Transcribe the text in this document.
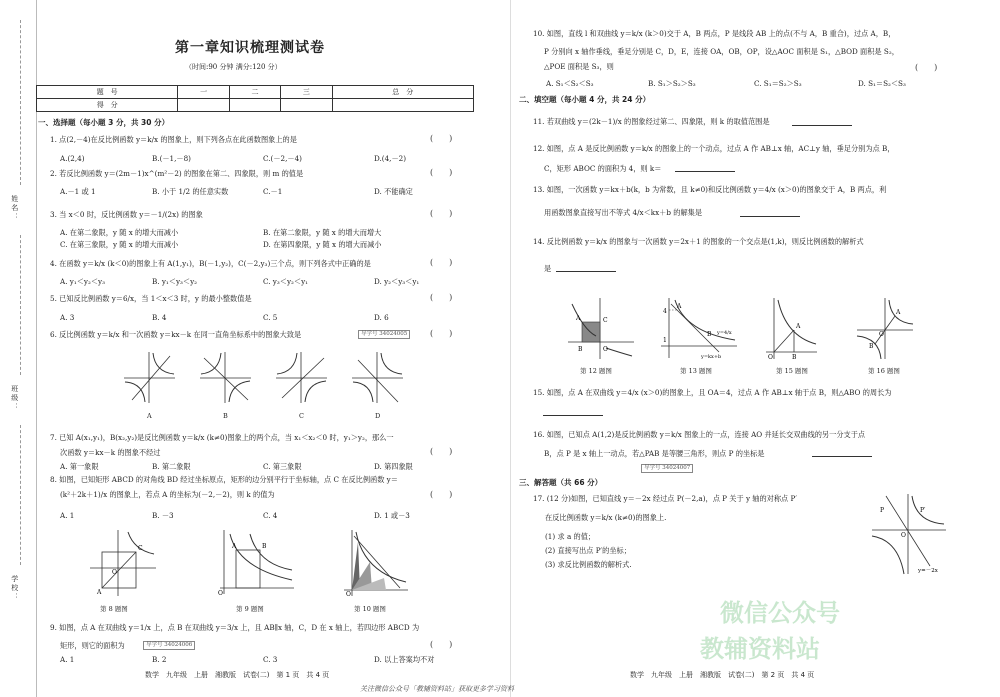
姓名：
班级：
学校：
第一章知识梳理测试卷
（时间:90 分钟 满分:120 分）
题　号	一	二	三	总　分
得　分				
一、选择题（每小题 3 分，共 30 分）
1. 点(2,－4)在反比例函数 y＝k/x 的图象上，则下列各点在此函数图象上的是	(　　)
A.(2,4)	B.(－1,－8)	C.(－2,－4)	D.(4,－2)
2. 若反比例函数 y＝(2m－1)x^(m²－2) 的图象在第二、四象限，则 m 的值是	(　　)
A.－1 或 1	B. 小于 1/2 的任意实数	C.－1	D. 不能确定
3. 当 x＜0 时，反比例函数 y＝－1/(2x) 的图象	(　　)
A. 在第二象限，y 随 x 的增大而减小	B. 在第二象限，y 随 x 的增大而增大
C. 在第三象限，y 随 x 的增大而减小	D. 在第四象限，y 随 x 的增大而减小
4. 在函数 y＝k/x (k＜0)的图象上有 A(1,y₁)，B(－1,y₂)，C(－2,y₃)三个点，则下列各式中正确的是	(　　)
A. y₁＜y₂＜y₃	B. y₁＜y₃＜y₂	C. y₃＜y₂＜y₁	D. y₂＜y₃＜y₁
5. 已知反比例函数 y＝6/x，当 1＜x＜3 时，y 的最小整数值是	(　　)
A. 3	B. 4	C. 5	D. 6
6. 反比例函数 y＝k/x 和一次函数 y＝kx－k 在同一直角坐标系中的图象大致是	导学号 34024005	(　　)
A	B	C	D
7. 已知 A(x₁,y₁)，B(x₂,y₂)是反比例函数 y＝k/x (k≠0)图象上的两个点，当 x₁＜x₂＜0 时，y₁＞y₂，那么一
次函数 y＝kx－k 的图象不经过	(　　)
A. 第一象限	B. 第二象限	C. 第三象限	D. 第四象限
8. 如图，已知矩形 ABCD 的对角线 BD 经过坐标原点，矩形的边分别平行于坐标轴，点 C 在反比例函数 y＝
(k²＋2k＋1)/x 的图象上，若点 A 的坐标为(－2,－2)，则 k 的值为	(　　)
A. 1	B. －3	C. 4	D. 1 或－3
A
C
O
A	B
O	O
第 8 题图	第 9 题图	第 10 题图
9. 如图，点 A 在双曲线 y＝1/x 上，点 B 在双曲线 y＝3/x 上，且 AB∥x 轴，C，D 在 x 轴上，若四边形 ABCD 为
矩形，则它的面积为	导学号 34024006	(　　)
A. 1	B. 2	C. 3	D. 以上答案均不对
数学　九年级　上册　湘教版　试卷(二)　第 1 页　共 4 页
10. 如图，直线 l 和双曲线 y＝k/x (k＞0)交于 A，B 两点，P 是线段 AB 上的点(不与 A，B 重合)，过点 A，B，
P 分别向 x 轴作垂线，垂足分别是 C，D，E，连接 OA，OB，OP，设△AOC 面积是 S₁，△BOD 面积是 S₂，
△POE 面积是 S₃，则	(　　)
A. S₁＜S₂＜S₃	B. S₁＞S₂＞S₃	C. S₁＝S₂＞S₃	D. S₁＝S₂＜S₃
二、填空题（每小题 4 分，共 24 分）
11. 若双曲线 y＝(2k－1)/x 的图象经过第二、四象限，则 k 的取值范围是
12. 如图，点 A 是反比例函数 y＝k/x 的图象上的一个动点，过点 A 作 AB⊥x 轴，AC⊥y 轴，垂足分别为点 B，
C，矩形 ABOC 的面积为 4，则 k＝
13. 如图，一次函数 y＝kx＋b(k，b 为常数，且 k≠0)和反比例函数 y＝4/x (x＞0)的图象交于 A，B 两点，利
用函数图象直接写出不等式 4/x＜kx＋b 的解集是
14. 反比例函数 y＝k/x 的图象与一次函数 y＝2x＋1 的图象的一个交点是(1,k)，则反比例函数的解析式
是
A	C
B	O
4
1
A
B y=4/x
y=kx+b
A
O	B
A
B
O
第 12 题图	第 13 题图	第 15 题图	第 16 题图
15. 如图，点 A 在双曲线 y＝4/x (x＞0)的图象上，且 OA＝4，过点 A 作 AB⊥x 轴于点 B，则△ABO 的周长为
16. 如图，已知点 A(1,2)是反比例函数 y＝k/x 图象上的一点，连接 AO 并延长交双曲线的另一分支于点
B，点 P 是 x 轴上一动点，若△PAB 是等腰三角形，则点 P 的坐标是
导学号 34024007
三、解答题（共 66 分）
17. (12 分)如图，已知直线 y＝－2x 经过点 P(－2,a)，点 P 关于 y 轴的对称点 P′
在反比例函数 y＝k/x (k≠0)的图象上.
(1) 求 a 的值；
(2) 直接写出点 P′的坐标；
(3) 求反比例函数的解析式.
P	P′
O
y=－2x
数学　九年级　上册　湘教版　试卷(二)　第 2 页　共 4 页
关注微信公众号「教辅资料站」获取更多学习资料
微信公众号
教辅资料站
